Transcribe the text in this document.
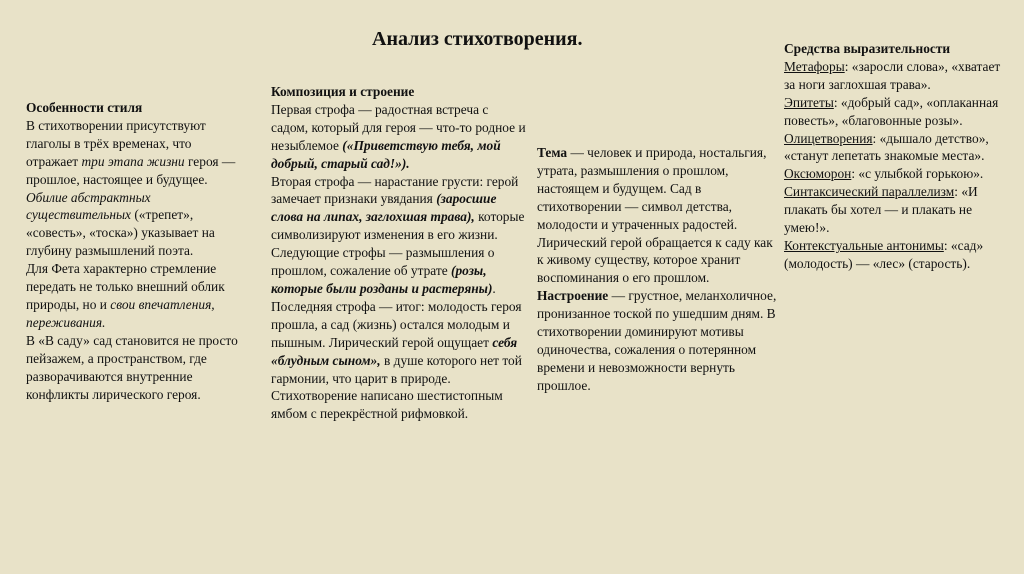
Анализ стихотворения.

Особенности стиля

В стихотворении присутствуют глаголы в трёх временах, что отражает три этапа жизни героя — прошлое, настоящее и будущее.

Обилие абстрактных существительных («трепет», «совесть», «тоска») указывает на глубину размышлений поэта.

Для Фета характерно стремление передать не только внешний облик природы, но и свои впечатления, переживания.

В «В саду» сад становится не просто пейзажем, а пространством, где разворачиваются внутренние конфликты лирического героя.

Композиция и строение

Первая строфа — радостная встреча с садом, который для героя — что-то родное и незыблемое («Приветствую тебя, мой добрый, старый сад!»).

Вторая строфа — нарастание грусти: герой замечает признаки увядания (заросшие слова на липах, заглохшая трава), которые символизируют изменения в его жизни.

Следующие строфы — размышления о прошлом, сожаление об утрате (розы, которые были розданы и растеряны).

Последняя строфа — итог: молодость героя прошла, а сад (жизнь) остался молодым и пышным. Лирический герой ощущает себя «блудным сыном», в душе которого нет той гармонии, что царит в природе.

Стихотворение написано шестистопным ямбом с перекрёстной рифмовкой.

Тема — человек и природа, ностальгия, утрата, размышления о прошлом, настоящем и будущем. Сад в стихотворении — символ детства, молодости и утраченных радостей. Лирический герой обращается к саду как к живому существу, которое хранит воспоминания о его прошлом.

Настроение — грустное, меланхоличное, пронизанное тоской по ушедшим дням. В стихотворении доминируют мотивы одиночества, сожаления о потерянном времени и невозможности вернуть прошлое.

Средства выразительности

Метафоры: «заросли слова», «хватает за ноги заглохшая трава».

Эпитеты: «добрый сад», «оплаканная повесть», «благовонные розы».

Олицетворения: «дышало детство», «станут лепетать знакомые места».

Оксюморон: «с улыбкой горькою».

Синтаксический параллелизм: «И плакать бы хотел — и плакать не умею!».

Контекстуальные антонимы: «сад» (молодость) — «лес» (старость).
